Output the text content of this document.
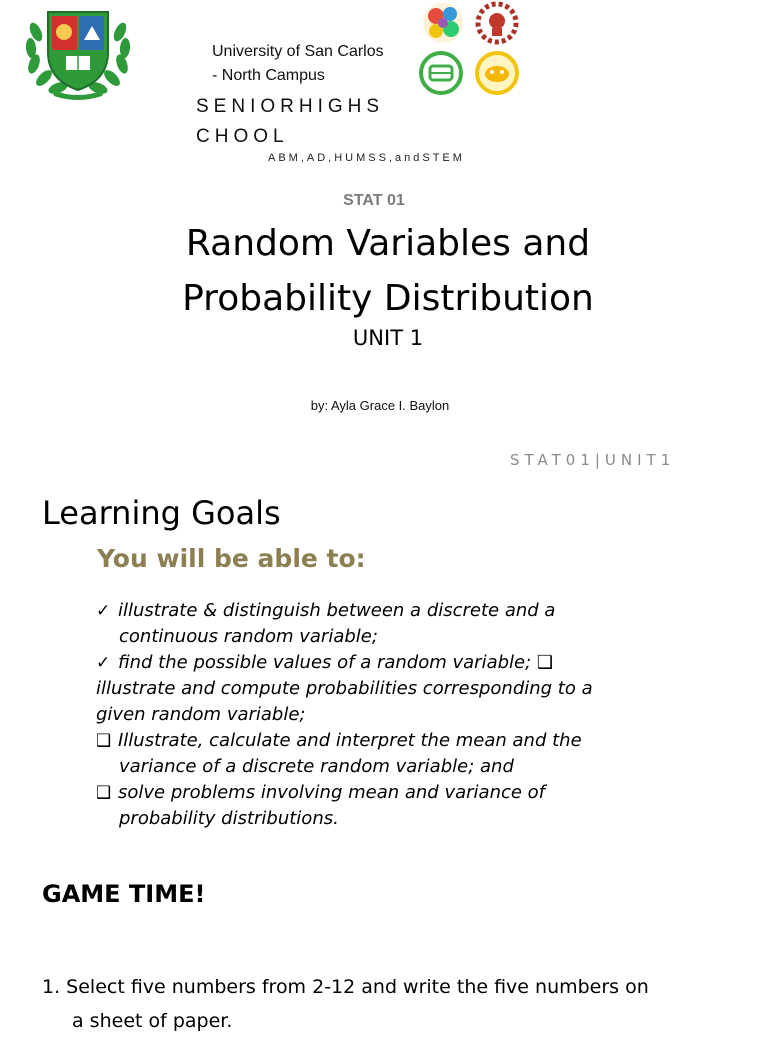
University of San Carlos
- North Campus
SENIORHIGHS
CHOOL
ABM,AD,HUMSS,andSTEM
STAT 01
Random Variables and
Probability Distribution
UNIT 1
by: Ayla Grace I. Baylon
STAT01|UNIT1
Learning Goals
You will be able to:
✓ illustrate & distinguish between a discrete and a
continuous random variable;
✓ find the possible values of a random variable; ❑
illustrate and compute probabilities corresponding to a
given random variable;
❑ Illustrate, calculate and interpret the mean and the
variance of a discrete random variable; and
❑ solve problems involving mean and variance of
probability distributions.
GAME TIME!
1. Select five numbers from 2-12 and write the five numbers on
a sheet of paper.
